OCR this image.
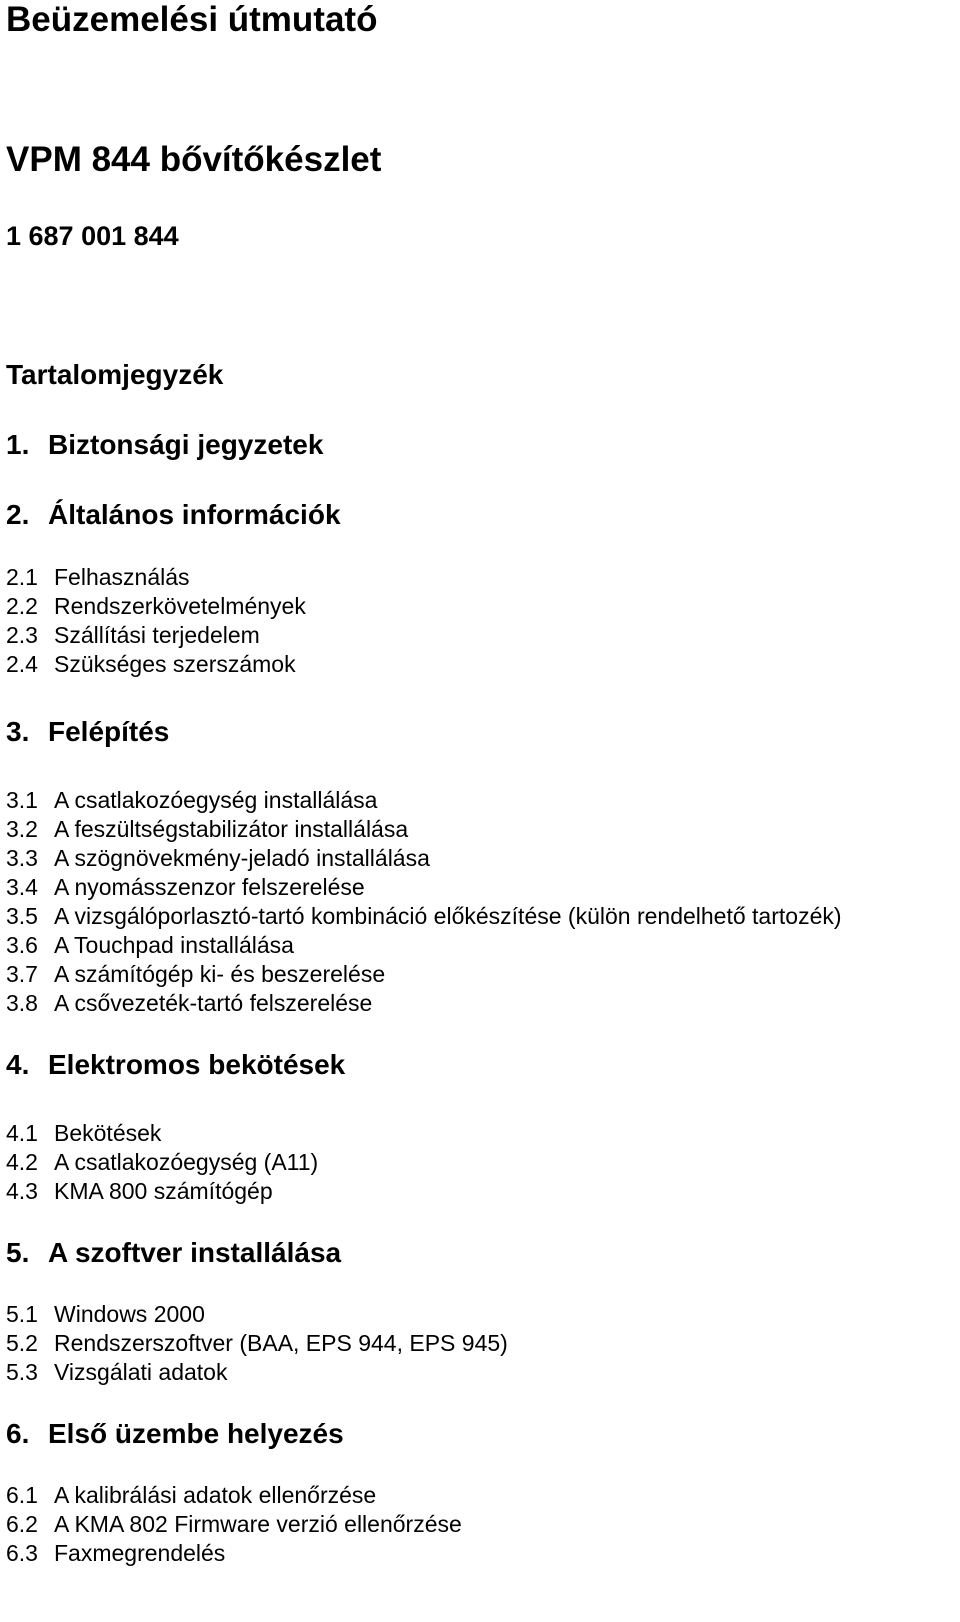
Beüzemelési útmutató
VPM 844 bővítőkészlet
1 687 001 844
Tartalomjegyzék
1. Biztonsági jegyzetek
2. Általános információk
2.1 Felhasználás
2.2 Rendszerkövetelmények
2.3 Szállítási terjedelem
2.4 Szükséges szerszámok
3. Felépítés
3.1 A csatlakozóegység installálása
3.2 A feszültségstabilizátor installálása
3.3 A szögnövekmény-jeladó installálása
3.4 A nyomásszenzor felszerelése
3.5 A vizsgálóporlasztó-tartó kombináció előkészítése (külön rendelhető tartozék)
3.6 A Touchpad installálása
3.7 A számítógép ki- és beszerelése
3.8 A csővezeték-tartó felszerelése
4. Elektromos bekötések
4.1 Bekötések
4.2 A csatlakozóegység (A11)
4.3 KMA 800 számítógép
5. A szoftver installálása
5.1 Windows 2000
5.2 Rendszerszoftver (BAA, EPS 944, EPS 945)
5.3 Vizsgálati adatok
6. Első üzembe helyezés
6.1 A kalibrálási adatok ellenőrzése
6.2 A KMA 802 Firmware verzió ellenőrzése
6.3 Faxmegrendelés
